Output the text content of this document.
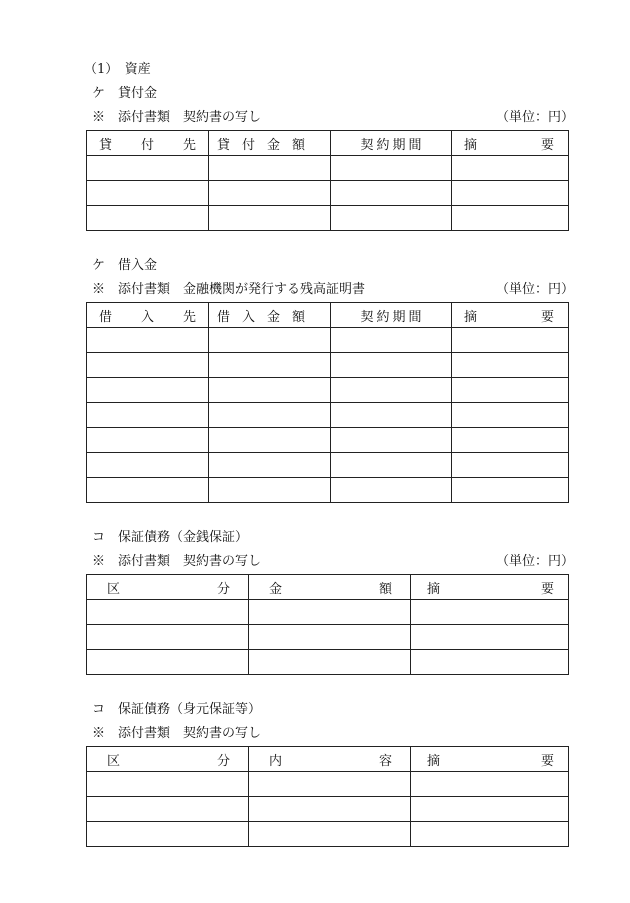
（1）　資産
ケ　貸付金
※　添付書類　契約書の写し	（単位：円）
貸 付 先	貸 付 金 額	契 約 期 間	摘 要

ケ　借入金
※　添付書類　金融機関が発行する残高証明書	（単位：円）
借 入 先	借 入 金 額	契 約 期 間	摘 要

コ　保証債務（金銭保証）
※　添付書類　契約書の写し	（単位：円）
区 分	金 額	摘 要

コ　保証債務（身元保証等）
※　添付書類　契約書の写し
区 分	内 容	摘 要
